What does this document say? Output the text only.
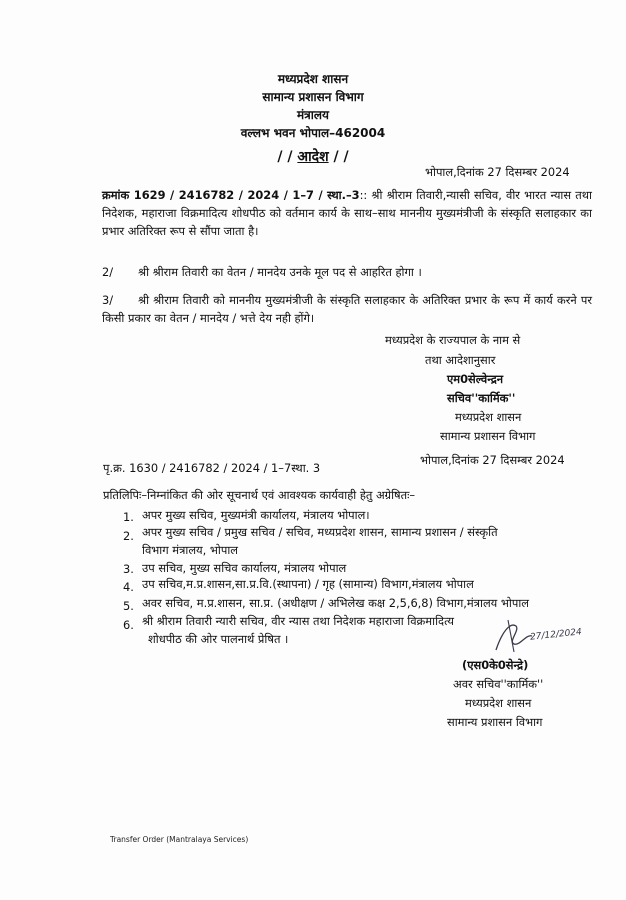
मध्यप्रदेश शासन
सामान्य प्रशासन विभाग
मंत्रालय
वल्लभ भवन भोपाल–462004
/ / आदेश / /
भोपाल,दिनांक 27 दिसम्बर 2024
क्रमांक 1629 / 2416782 / 2024 / 1–7 / स्था.–3:: श्री श्रीराम तिवारी,न्यासी सचिव, वीर भारत न्यास तथा निदेशक, महाराजा विक्रमादित्य शोधपीठ को वर्तमान कार्य के साथ–साथ माननीय मुख्यमंत्रीजी के संस्कृति सलाहकार का प्रभार अतिरिक्त रूप से सौंपा जाता है।
2/ श्री श्रीराम तिवारी का वेतन / मानदेय उनके मूल पद से आहरित होगा ।
3/	श्री श्रीराम तिवारी को माननीय मुख्यमंत्रीजी के संस्कृति सलाहकार के अतिरिक्त प्रभार के रूप में कार्य करने पर किसी प्रकार का वेतन / मानदेय / भत्ते देय नही होंगे।
मध्यप्रदेश के राज्यपाल के नाम से
तथा आदेशानुसार
एम0सेल्वेन्द्रन
सचिव''कार्मिक''
मध्यप्रदेश शासन
सामान्य प्रशासन विभाग
पृ.क्र. 1630 / 2416782 / 2024 / 1–7स्था. 3
भोपाल,दिनांक 27 दिसम्बर 2024
प्रतिलिपिः–निम्नांकित की ओर सूचनार्थ एवं आवश्यक कार्यवाही हेतु अग्रेषितः–
1. अपर मुख्य सचिव, मुख्यमंत्री कार्यालय, मंत्रालय भोपाल।
2. अपर मुख्य सचिव / प्रमुख सचिव / सचिव, मध्यप्रदेश शासन, सामान्य प्रशासन / संस्कृति
विभाग मंत्रालय, भोपाल
3. उप सचिव, मुख्य सचिव कार्यालय, मंत्रालय भोपाल
4. उप सचिव,म.प्र.शासन,सा.प्र.वि.(स्थापना) / गृह (सामान्य) विभाग,मंत्रालय भोपाल
5. अवर सचिव, म.प्र.शासन, सा.प्र. (अधीक्षण / अभिलेख कक्ष 2,5,6,8) विभाग,मंत्रालय भोपाल
6. श्री श्रीराम तिवारी न्यारी सचिव, वीर न्यास तथा निदेशक महाराजा विक्रमादित्य
शोधपीठ की ओर पालनार्थ प्रेषित ।	27/12/2024
(एस0के0सेन्द्रे)
अवर सचिव''कार्मिक''
मध्यप्रदेश शासन
सामान्य प्रशासन विभाग
Transfer Order (Mantralaya Services)
